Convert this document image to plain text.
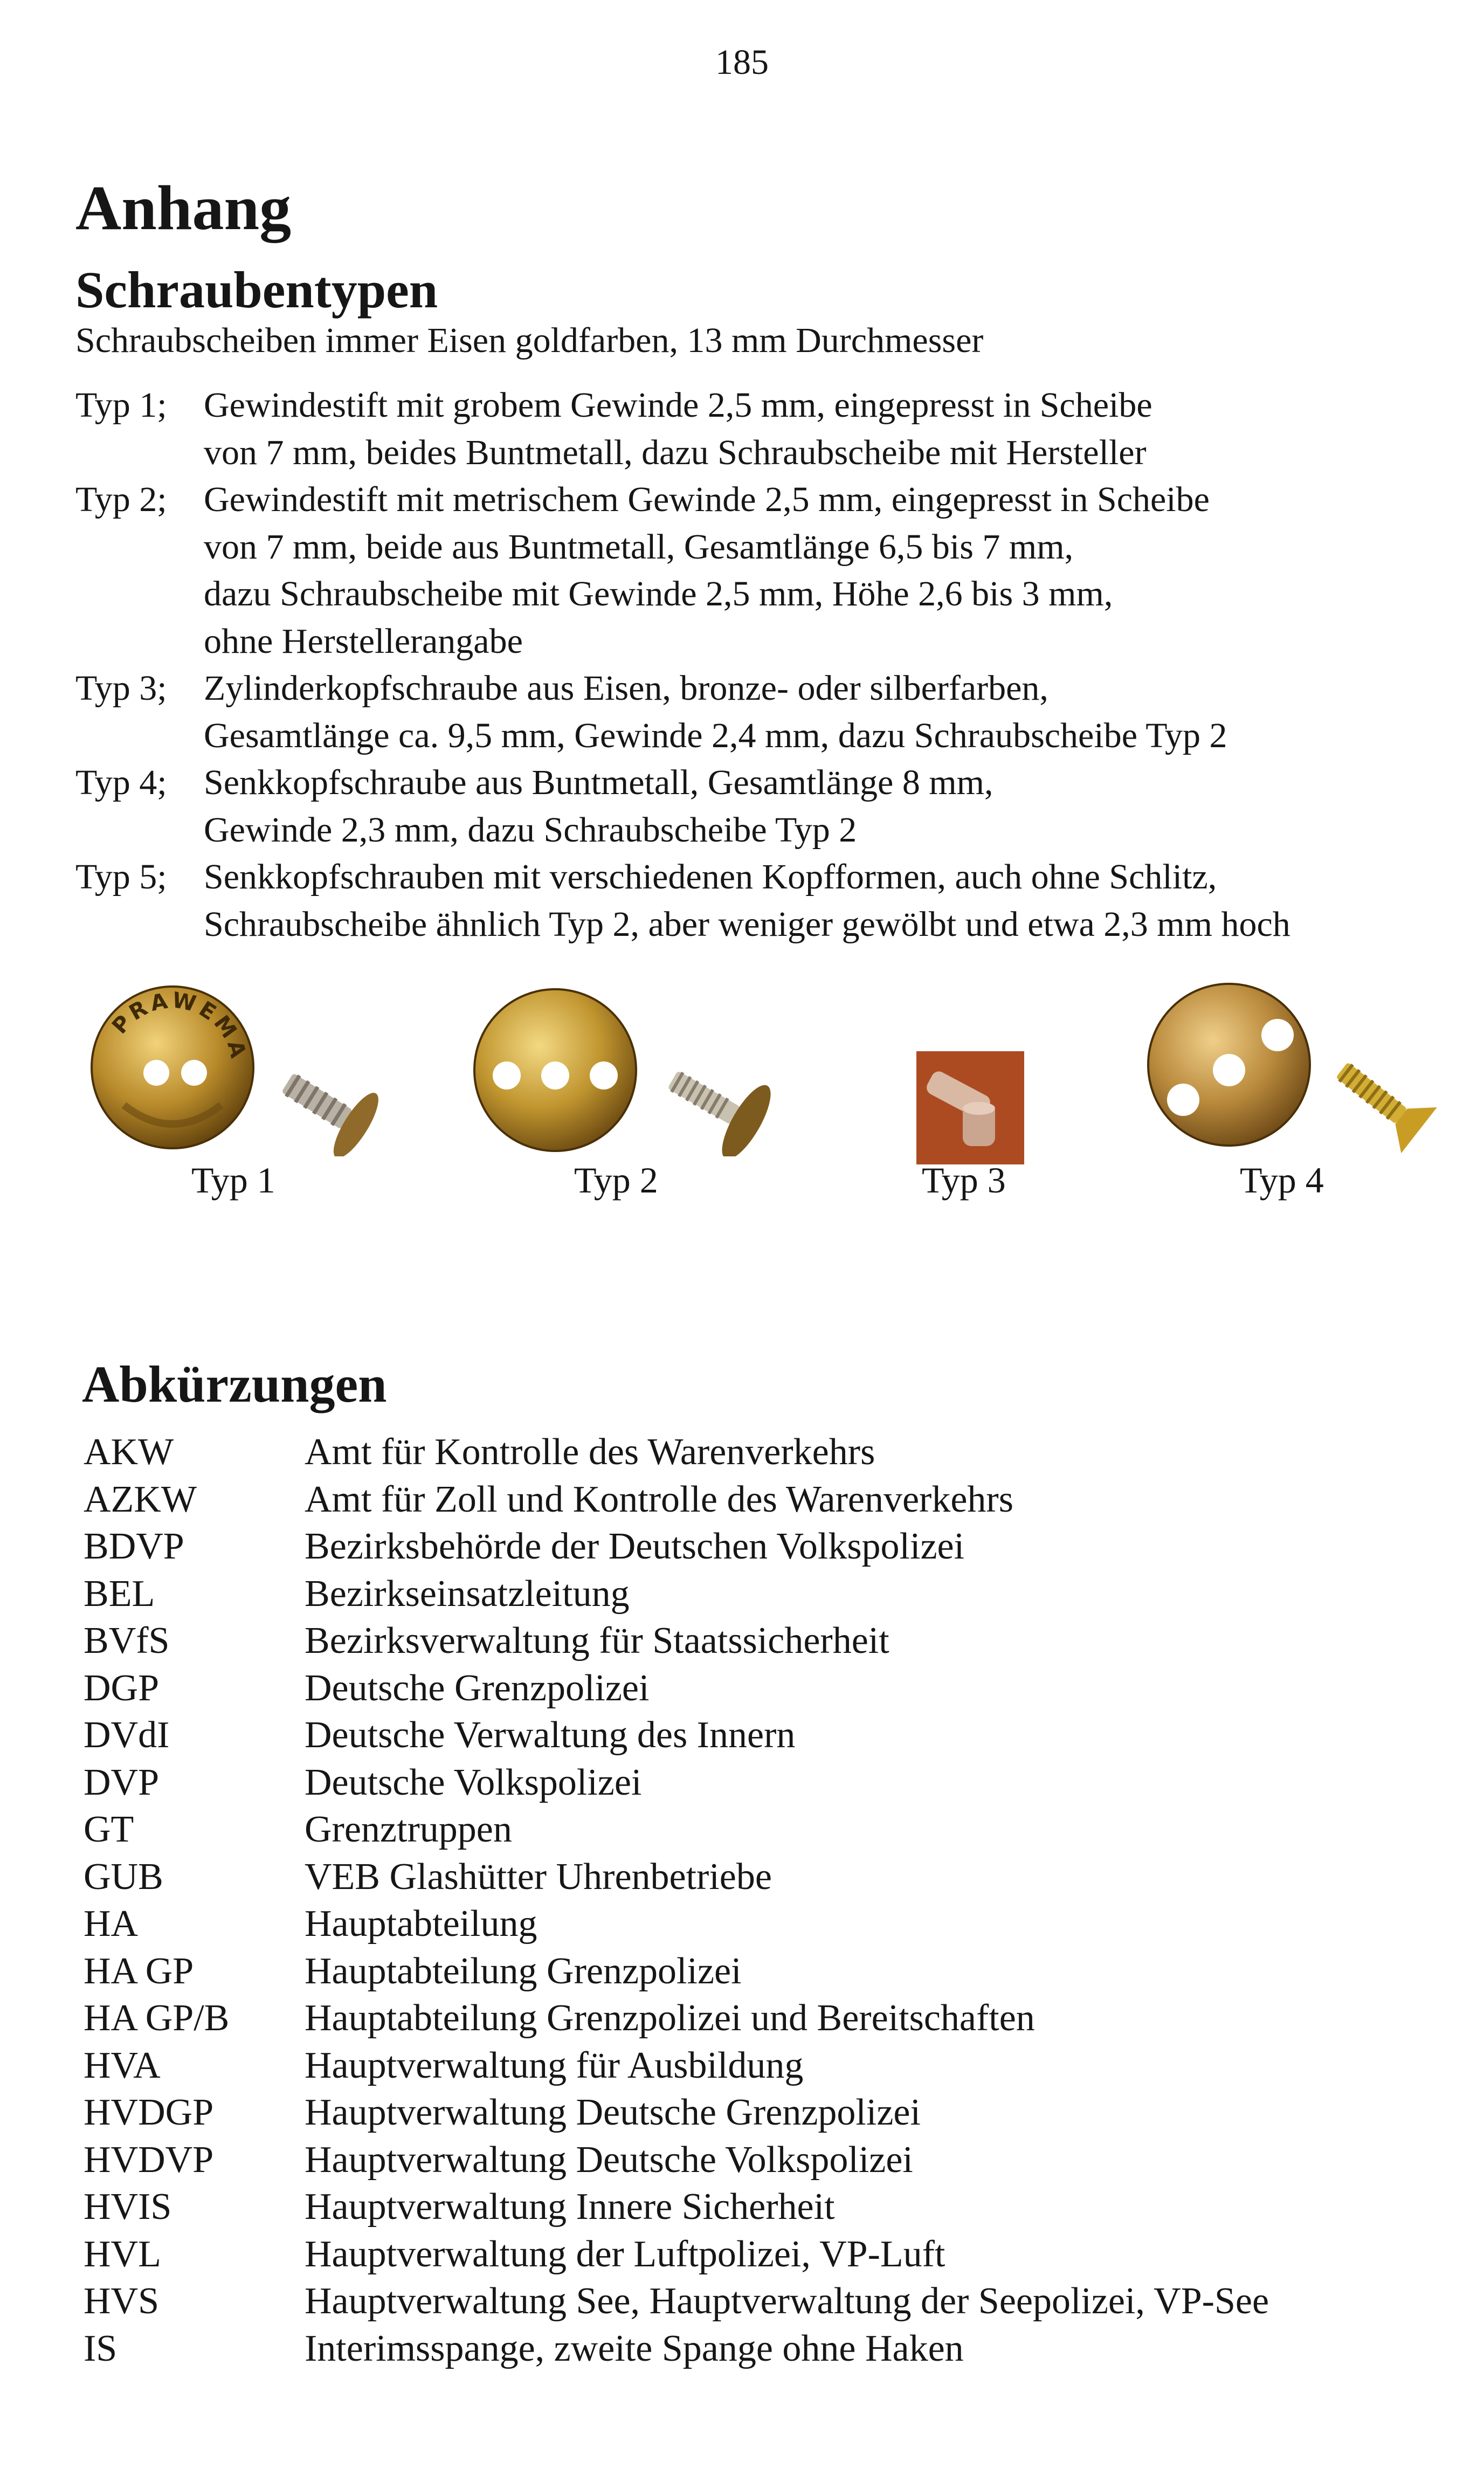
185
Anhang
Schraubentypen
Schraubscheiben immer Eisen goldfarben, 13 mm Durchmesser
Typ 1;	Gewindestift mit grobem Gewinde 2,5 mm, eingepresst in Scheibe
von 7 mm, beides Buntmetall, dazu Schraubscheibe mit Hersteller
Typ 2;	Gewindestift mit metrischem Gewinde 2,5 mm, eingepresst in Scheibe
von 7 mm, beide aus Buntmetall, Gesamtlänge 6,5 bis 7 mm,
dazu Schraubscheibe mit Gewinde 2,5 mm, Höhe 2,6 bis 3 mm,
ohne Herstellerangabe
Typ 3;	Zylinderkopfschraube aus Eisen, bronze- oder silberfarben,
Gesamtlänge ca. 9,5 mm, Gewinde 2,4 mm, dazu Schraubscheibe Typ 2
Typ 4;	Senkkopfschraube aus Buntmetall, Gesamtlänge 8 mm,
Gewinde 2,3 mm, dazu Schraubscheibe Typ 2
Typ 5;	Senkkopfschrauben mit verschiedenen Kopfformen, auch ohne Schlitz,
Schraubscheibe ähnlich Typ 2, aber weniger gewölbt und etwa 2,3 mm hoch
PRAWEMA
Typ 1	Typ 2	Typ 3	Typ 4
Abkürzungen
AKW	Amt für Kontrolle des Warenverkehrs
AZKW	Amt für Zoll und Kontrolle des Warenverkehrs
BDVP	Bezirksbehörde der Deutschen Volkspolizei
BEL	Bezirkseinsatzleitung
BVfS	Bezirksverwaltung für Staatssicherheit
DGP	Deutsche Grenzpolizei
DVdI	Deutsche Verwaltung des Innern
DVP	Deutsche Volkspolizei
GT	Grenztruppen
GUB	VEB Glashütter Uhrenbetriebe
HA	Hauptabteilung
HA GP	Hauptabteilung Grenzpolizei
HA GP/B	Hauptabteilung Grenzpolizei und Bereitschaften
HVA	Hauptverwaltung für Ausbildung
HVDGP	Hauptverwaltung Deutsche Grenzpolizei
HVDVP	Hauptverwaltung Deutsche Volkspolizei
HVIS	Hauptverwaltung Innere Sicherheit
HVL	Hauptverwaltung der Luftpolizei, VP-Luft
HVS	Hauptverwaltung See, Hauptverwaltung der Seepolizei, VP-See
IS	Interimsspange, zweite Spange ohne Haken
